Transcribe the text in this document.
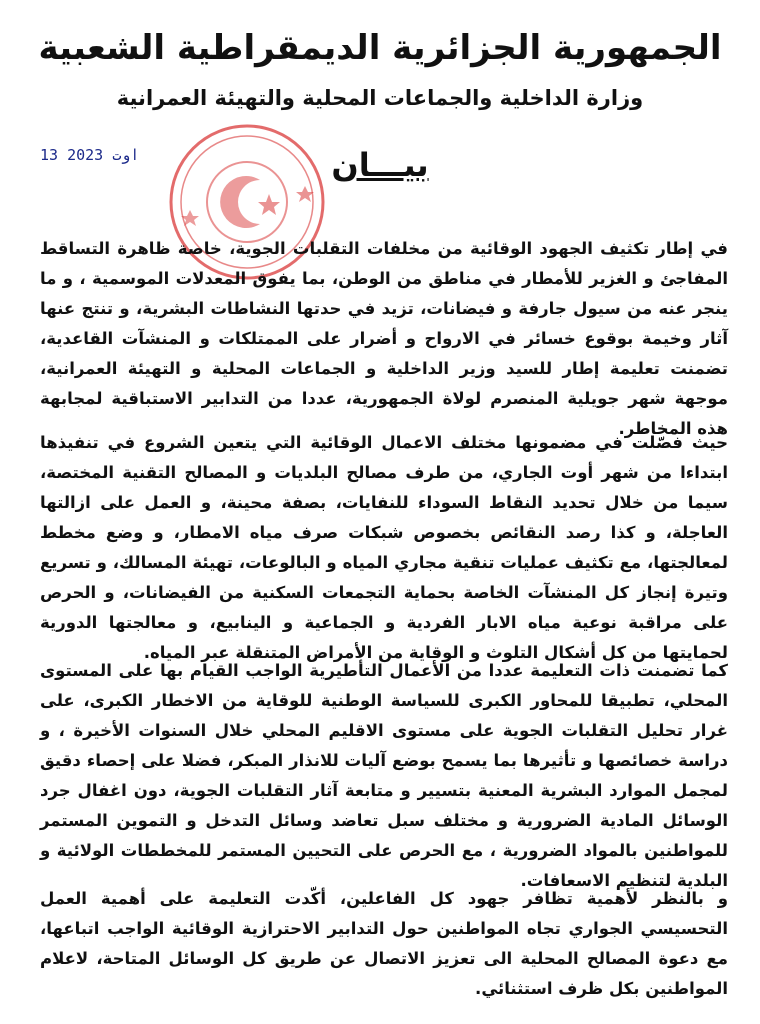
الجمهورية الجزائرية الديمقراطية الشعبية
وزارة الداخلية والجماعات المحلية والتهيئة العمرانية
13 اوت 2023	بيـــان

في إطار تكثيف الجهود الوقائية من مخلفات التقلبات الجوية، خاصة ظاهرة التساقط المفاجئ و الغزير للأمطار في مناطق من الوطن، بما يفوق المعدلات الموسمية ، و ما ينجر عنه من سيول جارفة و فيضانات، تزيد في حدتها النشاطات البشرية، و تنتج عنها آثار وخيمة بوقوع خسائر في الارواح و أضرار على الممتلكات و المنشآت القاعدية، تضمنت تعليمة إطار للسيد وزير الداخلية و الجماعات المحلية و التهيئة العمرانية، موجهة شهر جويلية المنصرم لولاة الجمهورية، عددا من التدابير الاستباقية لمجابهة هذه المخاطر.

حيث فصّلت في مضمونها مختلف الاعمال الوقائية التي يتعين الشروع في تنفيذها ابتداءا من شهر أوت الجاري، من طرف مصالح البلديات و المصالح التقنية المختصة، سيما من خلال تحديد النقاط السوداء للنفايات، بصفة محينة، و العمل على ازالتها العاجلة، و كذا رصد النقائص بخصوص شبكات صرف مياه الامطار، و وضع مخطط لمعالجتها، مع تكثيف عمليات تنقية مجاري المياه و البالوعات، تهيئة المسالك، و تسريع وتيرة إنجاز كل المنشآت الخاصة بحماية التجمعات السكنية من الفيضانات، و الحرص على مراقبة نوعية مياه الابار الفردية و الجماعية و الينابيع، و معالجتها الدورية لحمايتها من كل أشكال التلوث و الوقاية من الأمراض المتنقلة عبر المياه.

كما تضمنت ذات التعليمة عددا من الأعمال التأطيرية الواجب القيام بها على المستوى المحلي، تطبيقا للمحاور الكبرى للسياسة الوطنية للوقاية من الاخطار الكبرى، على غرار تحليل التقلبات الجوية على مستوى الاقليم المحلي خلال السنوات الأخيرة ، و دراسة خصائصها و تأثيرها بما يسمح بوضع آليات للانذار المبكر، فضلا على إحصاء دقيق لمجمل الموارد البشرية المعنية بتسيير و متابعة آثار التقلبات الجوية، دون اغفال جرد الوسائل المادية الضرورية و مختلف سبل تعاضد وسائل التدخل و التموين المستمر للمواطنين بالمواد الضرورية ، مع الحرص على التحيين المستمر للمخططات الولائية و البلدية لتنظيم الاسعافات.

و بالنظر لأهمية تظافر جهود كل الفاعلين، أكّدت التعليمة على أهمية العمل التحسيسي الجواري تجاه المواطنين حول التدابير الاحترازية الوقائية الواجب اتباعها، مع دعوة المصالح المحلية الى تعزيز الاتصال عن طريق كل الوسائل المتاحة، لاعلام المواطنين بكل ظرف استثنائي.
